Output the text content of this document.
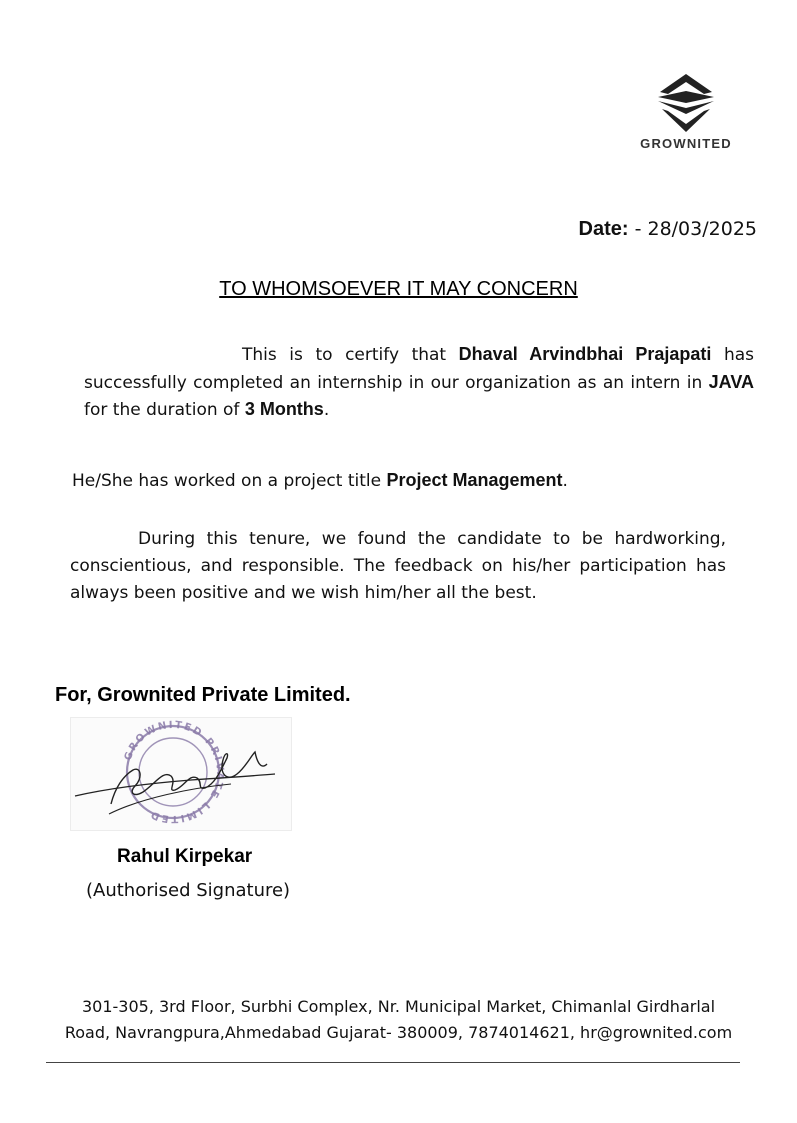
GROWNITED
Date: - 28/03/2025
TO WHOMSOEVER IT MAY CONCERN
This is to certify that Dhaval Arvindbhai Prajapati has successfully completed an internship in our organization as an intern in JAVA for the duration of 3 Months.
He/She has worked on a project title Project Management.
During this tenure, we found the candidate to be hardworking, conscientious, and responsible. The feedback on his/her participation has always been positive and we wish him/her all the best.
For, Grownited Private Limited.
GROWNITED PRIVATE LIMITED
Rahul Kirpekar
(Authorised Signature)
301-305, 3rd Floor, Surbhi Complex, Nr. Municipal Market, Chimanlal Girdharlal
Road, Navrangpura,Ahmedabad Gujarat- 380009, 7874014621, hr@grownited.com
